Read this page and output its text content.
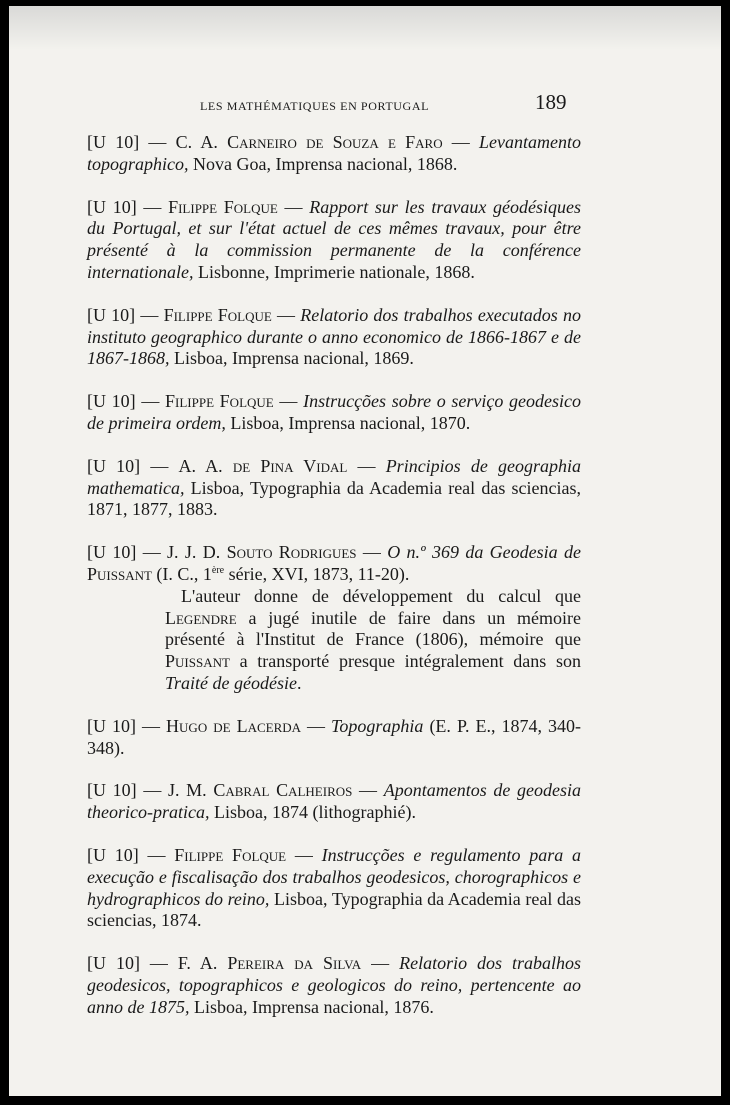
LES MATHÉMATIQUES EN PORTUGAL	189

[U 10] — C. A. Carneiro de Souza e Faro — Levantamento topographico, Nova Goa, Imprensa nacional, 1868.

[U 10] — Filippe Folque — Rapport sur les travaux géodésiques du Portugal, et sur l'état actuel de ces mêmes travaux, pour être présenté à la commission permanente de la conférence internationale, Lisbonne, Imprimerie nationale, 1868.

[U 10] — Filippe Folque — Relatorio dos trabalhos executados no instituto geographico durante o anno economico de 1866-1867 e de 1867-1868, Lisboa, Imprensa nacional, 1869.

[U 10] — Filippe Folque — Instrucções sobre o serviço geodesico de primeira ordem, Lisboa, Imprensa nacional, 1870.

[U 10] — A. A. de Pina Vidal — Principios de geographia mathematica, Lisboa, Typographia da Academia real das sciencias, 1871, 1877, 1883.

[U 10] — J. J. D. Souto Rodrigues — O n.º 369 da Geodesia de Puissant (I. C., 1ère série, XVI, 1873, 11-20).

L'auteur donne de développement du calcul que Legendre a jugé inutile de faire dans un mémoire présenté à l'Institut de France (1806), mémoire que Puissant a transporté presque intégralement dans son Traité de géodésie.

[U 10] — Hugo de Lacerda — Topographia (E. P. E., 1874, 340-348).

[U 10] — J. M. Cabral Calheiros — Apontamentos de geodesia theorico-pratica, Lisboa, 1874 (lithographié).

[U 10] — Filippe Folque — Instrucções e regulamento para a execução e fiscalisação dos trabalhos geodesicos, chorographicos e hydrographicos do reino, Lisboa, Typographia da Academia real das sciencias, 1874.

[U 10] — F. A. Pereira da Silva — Relatorio dos trabalhos geodesicos, topographicos e geologicos do reino, pertencente ao anno de 1875, Lisboa, Imprensa nacional, 1876.
